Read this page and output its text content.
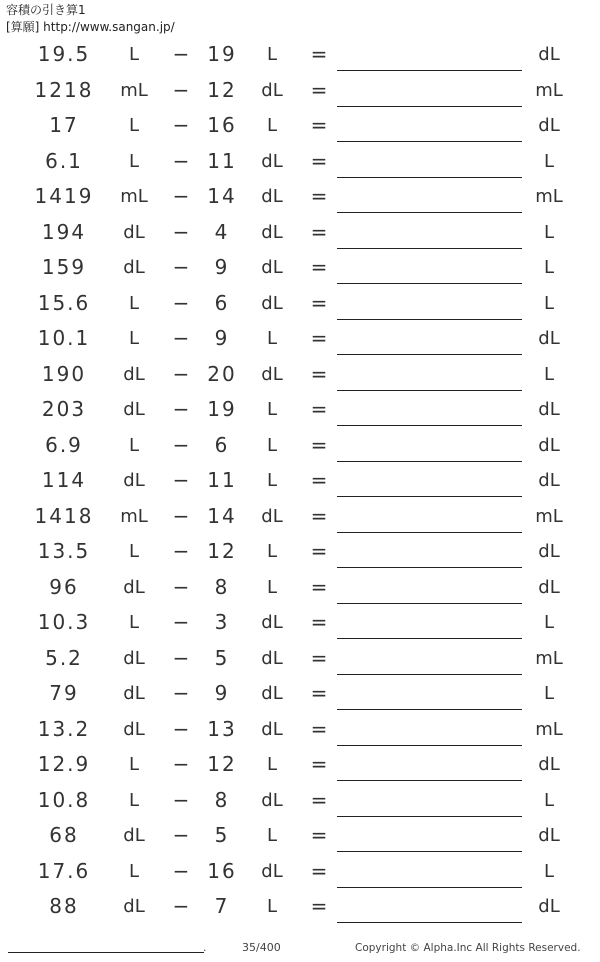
容積の引き算1
[算願] http://www.sangan.jp/
19.5	L	− 19	L	=	dL
1218	mL	− 12	dL	=	mL
17	L	− 16	L	=	dL
6.1	L	− 11	dL	=	L
1419	mL	− 14	dL	=	mL
194	dL	−	4	dL	=	L
159	dL	−	9	dL	=	L
15.6	L	−	6	dL	=	L
10.1	L	−	9	L	=	dL
190	dL	− 20	dL	=	L
203	dL	− 19	L	=	dL
6.9	L	−	6	L	=	dL
114	dL	− 11	L	=	dL
1418	mL	− 14	dL	=	mL
13.5	L	− 12	L	=	dL
96	dL	−	8	L	=	dL
10.3	L	−	3	dL	=	L
5.2	dL	−	5	dL	=	mL
79	dL	−	9	dL	=	L
13.2	dL	− 13	dL	=	mL
12.9	L	− 12	L	=	dL
10.8	L	−	8	dL	=	L
68	dL	−	5	L	=	dL
17.6	L	− 16	dL	=	L
88	dL	−	7	L	=	dL
.	35/400	Copyright © Alpha.Inc All Rights Reserved.
